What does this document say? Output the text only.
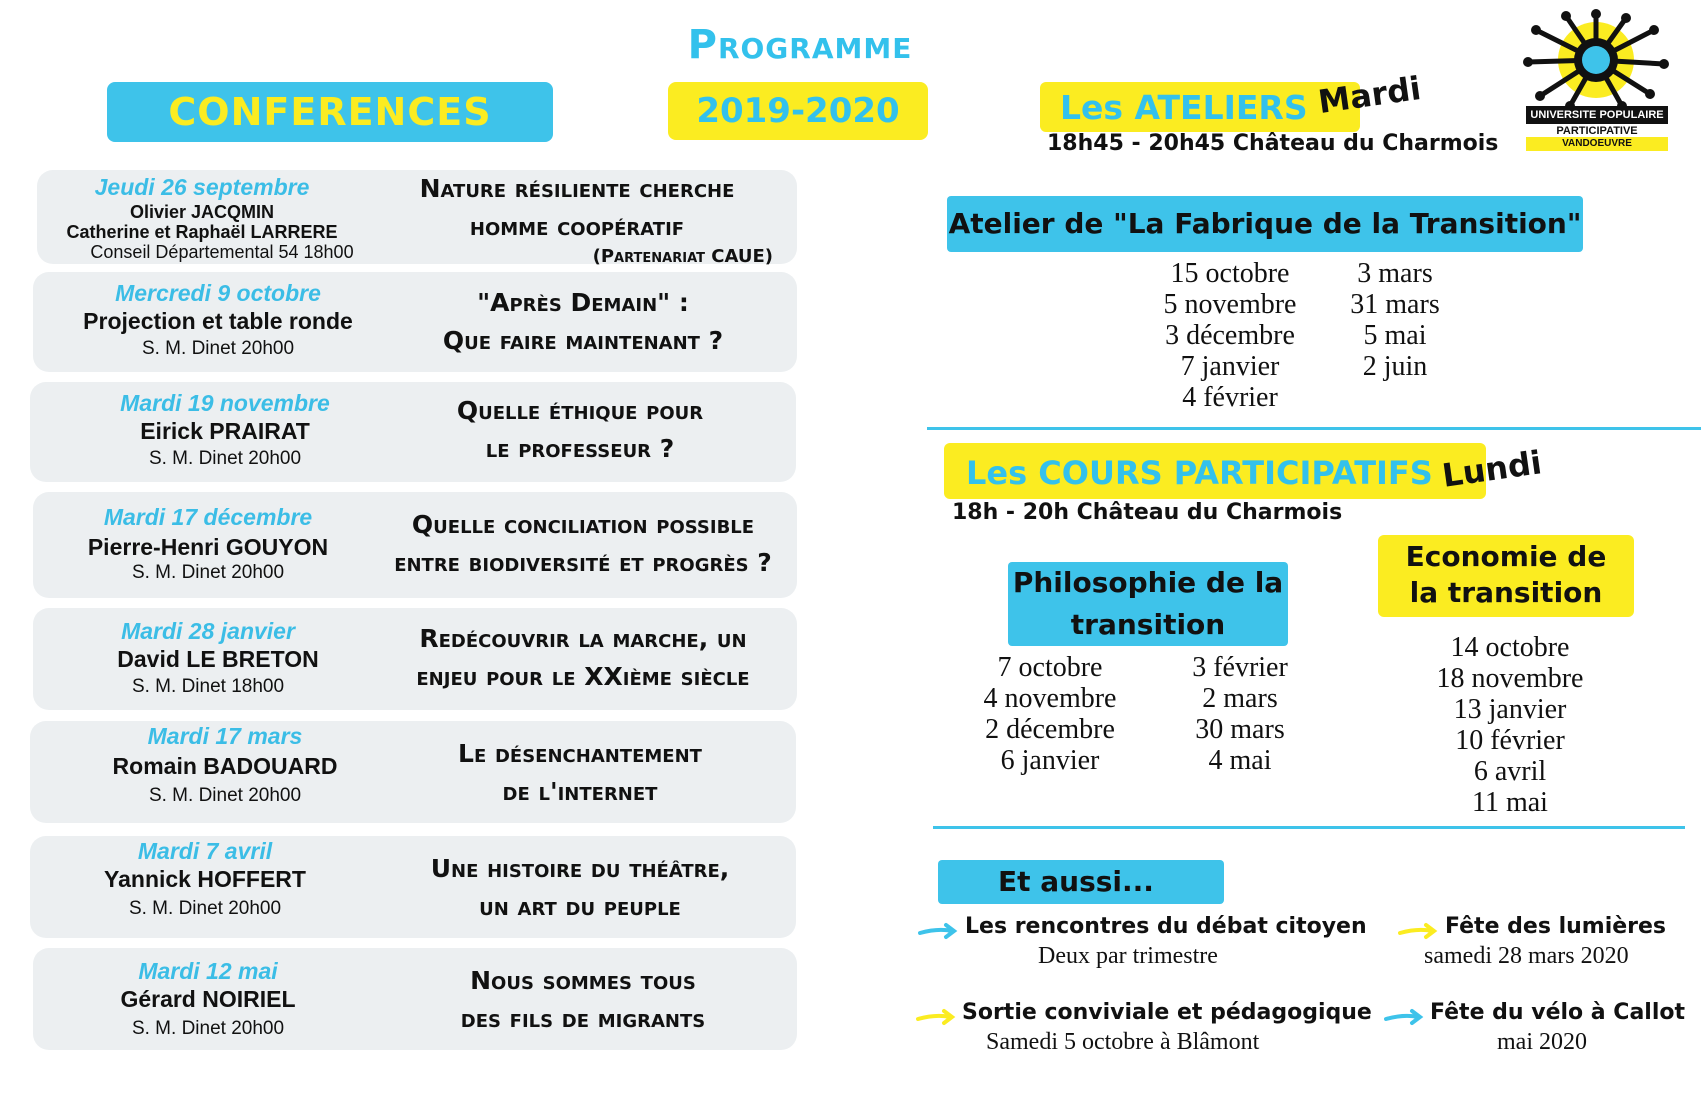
Programme
2019-2020
CONFERENCES	UNIVERSITE POPULAIRE
PARTICIPATIVE
VANDOEUVRE
Jeudi 26 septembre
Olivier JACQMIN
Catherine et Raphaël LARRERE
Conseil Départemental 54 18h00
Nature résiliente cherche
homme coopératif
(Partenariat CAUE)
Mercredi 9 octobre
Projection et table ronde
S. M. Dinet 20h00
"Après Demain" :
Que faire maintenant ?
Mardi 19 novembre
Eirick PRAIRAT
S. M. Dinet 20h00
Quelle éthique pour
le professeur ?
Mardi 17 décembre
Pierre-Henri GOUYON
S. M. Dinet 20h00
Quelle conciliation possible
entre biodiversité et progrès ?
Mardi 28 janvier
David LE BRETON
S. M. Dinet 18h00
Redécouvrir la marche, un
enjeu pour le XXième siècle
Mardi 17 mars
Romain BADOUARD
S. M. Dinet 20h00
Le désenchantement
de l'internet
Mardi 7 avril
Yannick HOFFERT
S. M. Dinet 20h00
Une histoire du théâtre,
un art du peuple
Mardi 12 mai
Gérard NOIRIEL
S. M. Dinet 20h00
Nous sommes tous
des fils de migrants
Les ATELIERS Mardi
18h45 - 20h45 Château du Charmois
Atelier de "La Fabrique de la Transition"
15 octobre
5 novembre
3 décembre
7 janvier
4 février
3 mars
31 mars
5 mai
2 juin
Les COURS PARTICIPATIFS Lundi
18h - 20h Château du Charmois
Philosophie de la
transition
7 octobre
4 novembre
2 décembre
6 janvier
3 février
2 mars
30 mars
4 mai
Economie de
la transition
14 octobre
18 novembre
13 janvier
10 février
6 avril
11 mai
Et aussi...
Les rencontres du débat citoyen
Deux par trimestre
Fête des lumières
samedi 28 mars 2020
Sortie conviviale et pédagogique
Samedi 5 octobre à Blâmont
Fête du vélo à Callot
mai 2020
